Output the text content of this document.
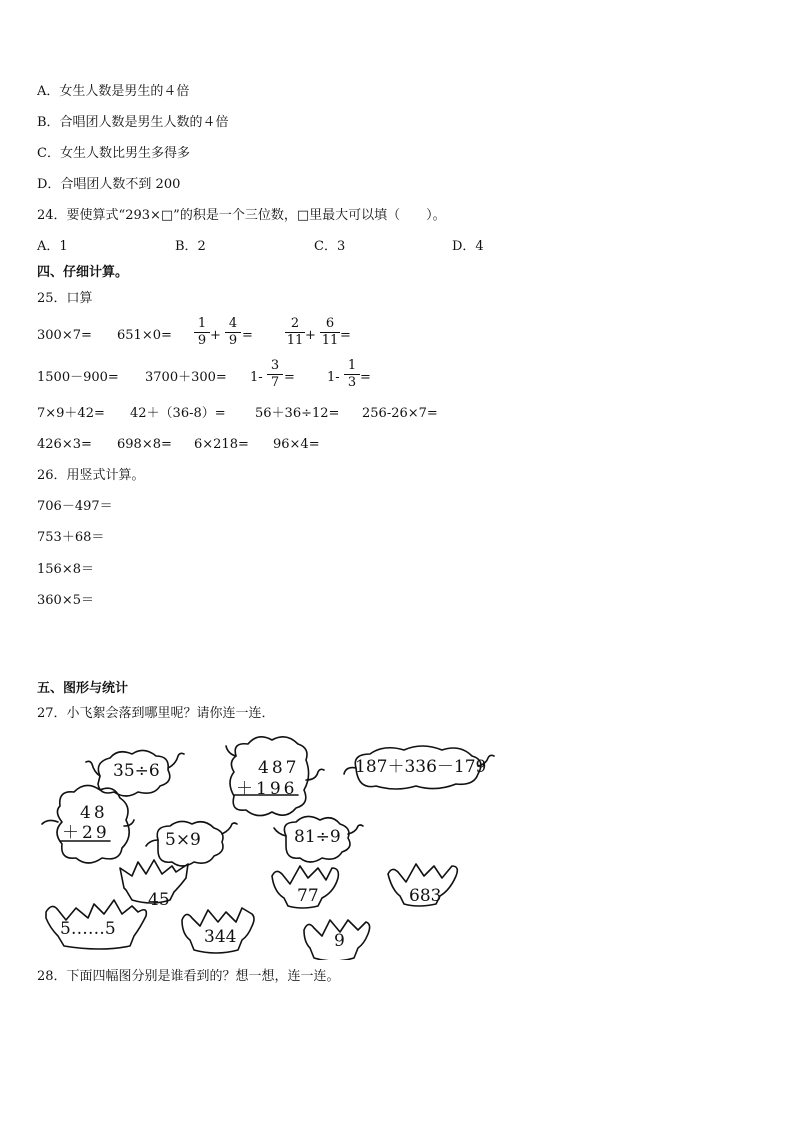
A．女生人数是男生的４倍
B．合唱团人数是男生人数的４倍
C．女生人数比男生多得多
D．合唱团人数不到 200
24．要使算式“293×□”的积是一个三位数，□里最大可以填（　　）。
A．1	B．2	C．3	D．4
四、仔细计算。
25．口算
300×7= 651×0=
1
9 +
4
9 =
2
11 +
6
11 =
1500－900= 3700＋300= 1-
3
7 = 1-
1
3 =
7×9＋42= 42＋（36-8）= 56＋36÷12= 256-26×7=
426×3= 698×8= 6×218= 96×4=
26．用竖式计算。
706－497＝
753＋68＝
156×8＝
360×5＝
五、图形与统计
27．小飞絮会落到哪里呢？请你连一连．
35÷6	487
＋196
187＋336－179
48
＋29	5×9	81÷9
45	77	683
5……5	344	9
28．下面四幅图分别是谁看到的？想一想，连一连。
